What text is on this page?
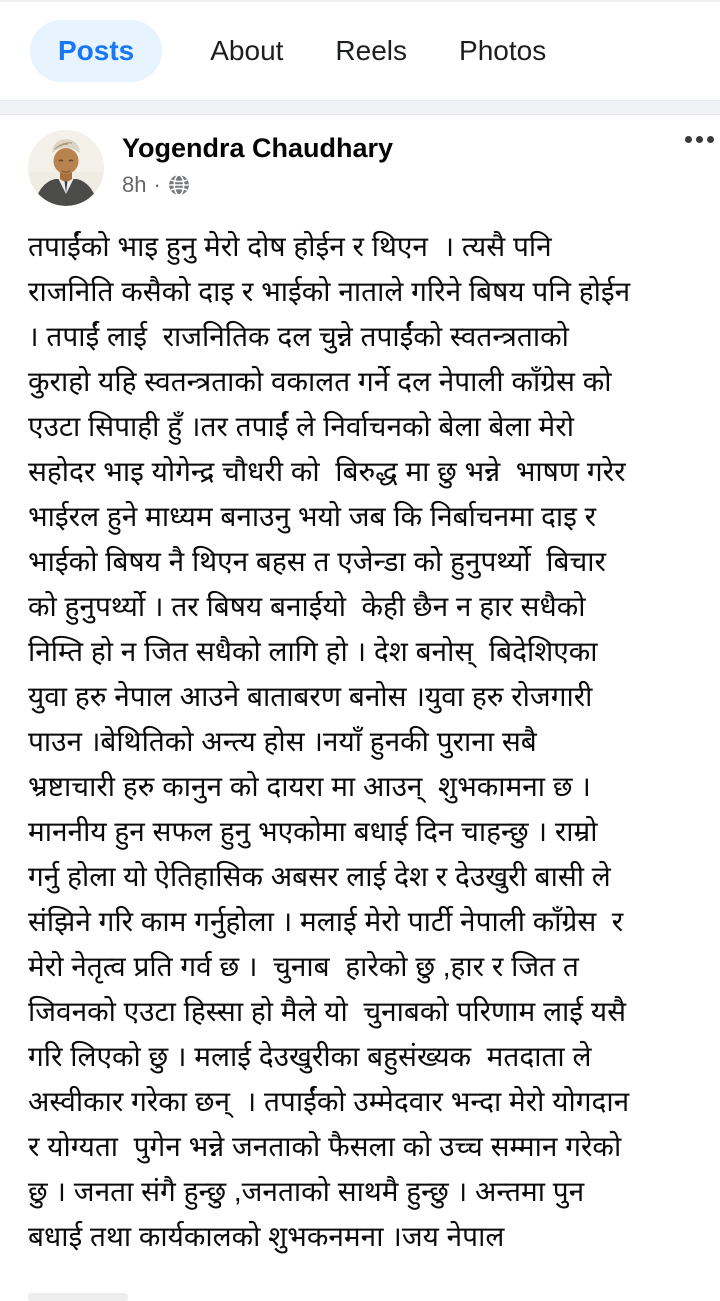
Posts	About Reels Photos
Yogendra Chaudhary
8h ·
तपाईंको भाइ हुनु मेरो दोष होईन र थिएन  । त्यसै पनि
राजनिति कसैको दाइ र भाईको नाताले गरिने बिषय पनि होईन
। तपाईं लाई  राजनितिक दल चुन्ने तपाईंको स्वतन्त्रताको
कुराहो यहि स्वतन्त्रताको वकालत गर्ने दल नेपाली काँग्रेस को
एउटा सिपाही हुँ ।तर तपाईं ले निर्वाचनको बेला बेला मेरो
सहोदर भाइ योगेन्द्र चौधरी को  बिरुद्ध मा छु भन्ने  भाषण गरेर
भाईरल हुने माध्यम बनाउनु भयो जब कि निर्बाचनमा दाइ र
भाईको बिषय नै थिएन बहस त एजेन्डा को हुनुपर्थ्यो  बिचार
को हुनुपर्थ्यो । तर बिषय बनाईयो  केही छैन न हार सधैको
निम्ति हो न जित सधैको लागि हो । देश बनोस्  बिदेशिएका
युवा हरु नेपाल आउने बाताबरण बनोस ।युवा हरु रोजगारी
पाउन ।बेथितिको अन्त्य होस ।नयाँ हुनकी पुराना सबै
भ्रष्टाचारी हरु कानुन को दायरा मा आउन्  शुभकामना छ ।
माननीय हुन सफल हुनु भएकोमा बधाई दिन चाहन्छु । राम्रो
गर्नु होला यो ऐतिहासिक अबसर लाई देश र देउखुरी बासी ले
संझिने गरि काम गर्नुहोला । मलाई मेरो पार्टी नेपाली काँग्रेस  र
मेरो नेतृत्व प्रति गर्व छ ।  चुनाब  हारेको छु ,हार र जित त
जिवनको एउटा हिस्सा हो मैले यो  चुनाबको परिणाम लाई यसै
गरि लिएको छु । मलाई देउखुरीका बहुसंख्यक  मतदाता ले
अस्वीकार गरेका छन्  । तपाईंको उम्मेदवार भन्दा मेरो योगदान
र योग्यता  पुगेन भन्ने जनताको फैसला को उच्च सम्मान गरेको
छु । जनता संगै हुन्छु ,जनताको साथमै हुन्छु । अन्तमा पुन
बधाई तथा कार्यकालको शुभकनमना ।जय नेपाल
